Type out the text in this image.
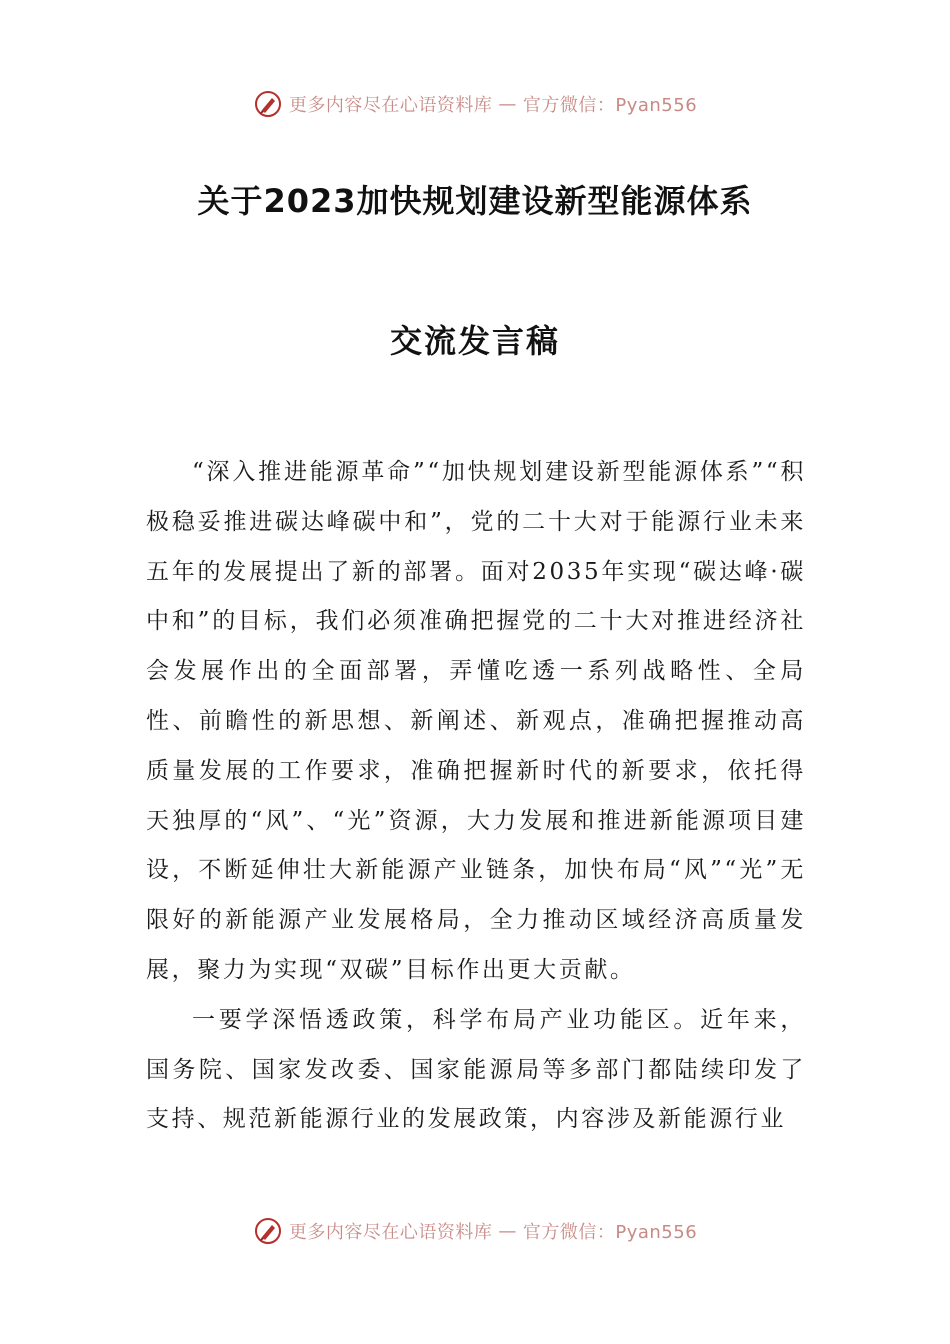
更多内容尽在心语资料库 — 官方微信：Pyan556
关于2023加快规划建设新型能源体系
交流发言稿

“深入推进能源革命”“加快规划建设新型能源体系”“积极稳妥推进碳达峰碳中和”，党的二十大对于能源行业未来五年的发展提出了新的部署。面对2035年实现“碳达峰·碳中和”的目标，我们必须准确把握党的二十大对推进经济社会发展作出的全面部署，弄懂吃透一系列战略性、全局性、前瞻性的新思想、新阐述、新观点，准确把握推动高质量发展的工作要求，准确把握新时代的新要求，依托得天独厚的“风”、“光”资源，大力发展和推进新能源项目建设，不断延伸壮大新能源产业链条，加快布局“风”“光”无限好的新能源产业发展格局，全力推动区域经济高质量发展，聚力为实现“双碳”目标作出更大贡献。

一要学深悟透政策，科学布局产业功能区。近年来，国务院、国家发改委、国家能源局等多部门都陆续印发了支持、规范新能源行业的发展政策，内容涉及新能源行业

更多内容尽在心语资料库 — 官方微信：Pyan556
